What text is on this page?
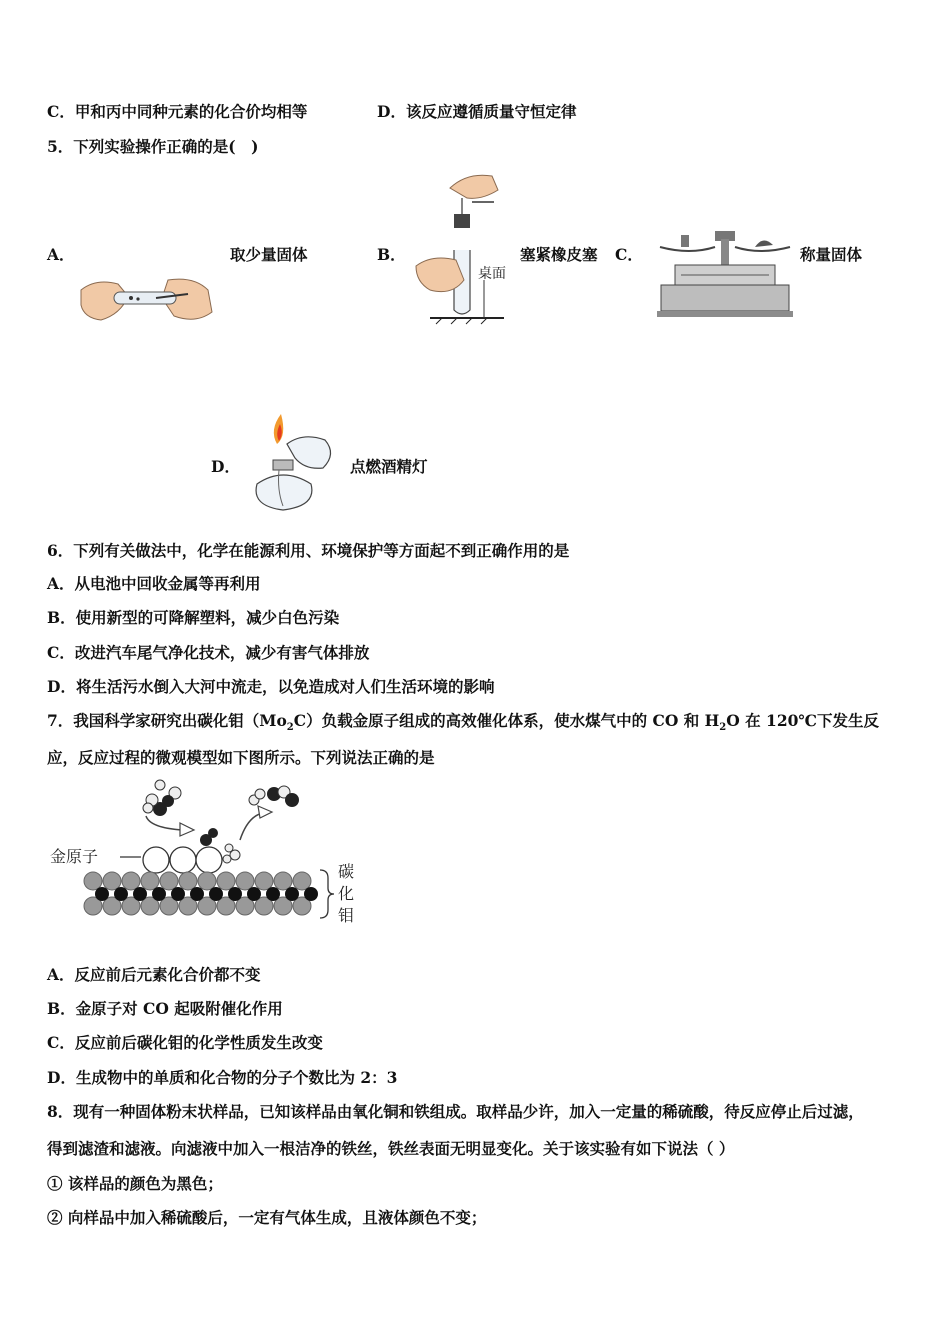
C．甲和丙中同种元素的化合价均相等	D．该反应遵循质量守恒定律
5．下列实验操作正确的是(　)
A．	取少量固体	B．
桌面
塞紧橡皮塞 C．	称量固体
D．	点燃酒精灯
6．下列有关做法中，化学在能源利用、环境保护等方面起不到正确作用的是
A．从电池中回收金属等再利用
B．使用新型的可降解塑料，减少白色污染
C．改进汽车尾气净化技术，减少有害气体排放
D．将生活污水倒入大河中流走，以免造成对人们生活环境的影响
7．我国科学家研究出碳化钼$(Mo_2C)$负载金原子组成的高效催化体系，使水煤气中的 CO 和 $H_2O$ 在 120℃下发生反
应，反应过程的微观模型如下图所示。下列说法正确的是
金原子
碳
化
钼
A．反应前后元素化合价都不变
B．金原子对 CO 起吸附催化作用
C．反应前后碳化钼的化学性质发生改变
D．生成物中的单质和化合物的分子个数比为 2：3
8．现有一种固体粉末状样品，已知该样品由氧化铜和铁组成。取样品少许，加入一定量的稀硫酸，待反应停止后过滤，
得到滤渣和滤液。向滤液中加入一根洁净的铁丝，铁丝表面无明显变化。关于该实验有如下说法（ ）
① 该样品的颜色为黑色；
② 向样品中加入稀硫酸后，一定有气体生成，且液体颜色不变；
